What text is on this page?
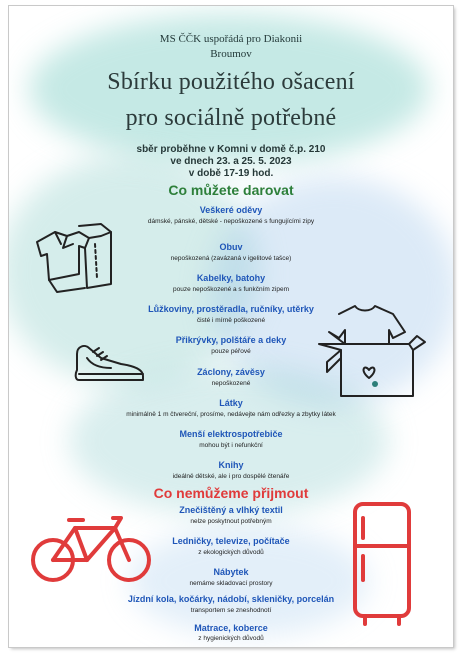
MS ČČK uspořádá pro Diakonii
Broumov
Sbírku použitého ošacení
pro sociálně potřebné
sběr proběhne v Komni v domě č.p. 210
ve dnech 23. a 25. 5. 2023
v době 17-19 hod.
Co můžete darovat
Veškeré oděvy
dámské, pánské, dětské - nepoškozené s fungujícími zipy
Obuv
nepoškozená (zavázaná v igelitové tašce)
Kabelky, batohy
pouze nepoškozené a s funkčním zipem
Lůžkoviny, prostěradla, ručníky, utěrky
čisté i mírně poškozené
Přikrývky, polštáře a deky
pouze péřové
Záclony, závěsy
nepoškozené
Látky
minimálně 1 m čtvereční, prosíme, nedávejte nám odřezky a zbytky látek
Menší elektrospotřebiče
mohou být i nefunkční
Knihy
ideálně dětské, ale i pro dospělé čtenáře
Co nemůžeme přijmout
Znečištěný a vlhký textil
nelze poskytnout potřebným
Ledničky, televize, počítače
z ekologických důvodů
Nábytek
nemáme skladovací prostory
Jízdní kola, kočárky, nádobí, skleničky, porcelán
transportem se zneshodnotí
Matrace, koberce
z hygienických důvodů
